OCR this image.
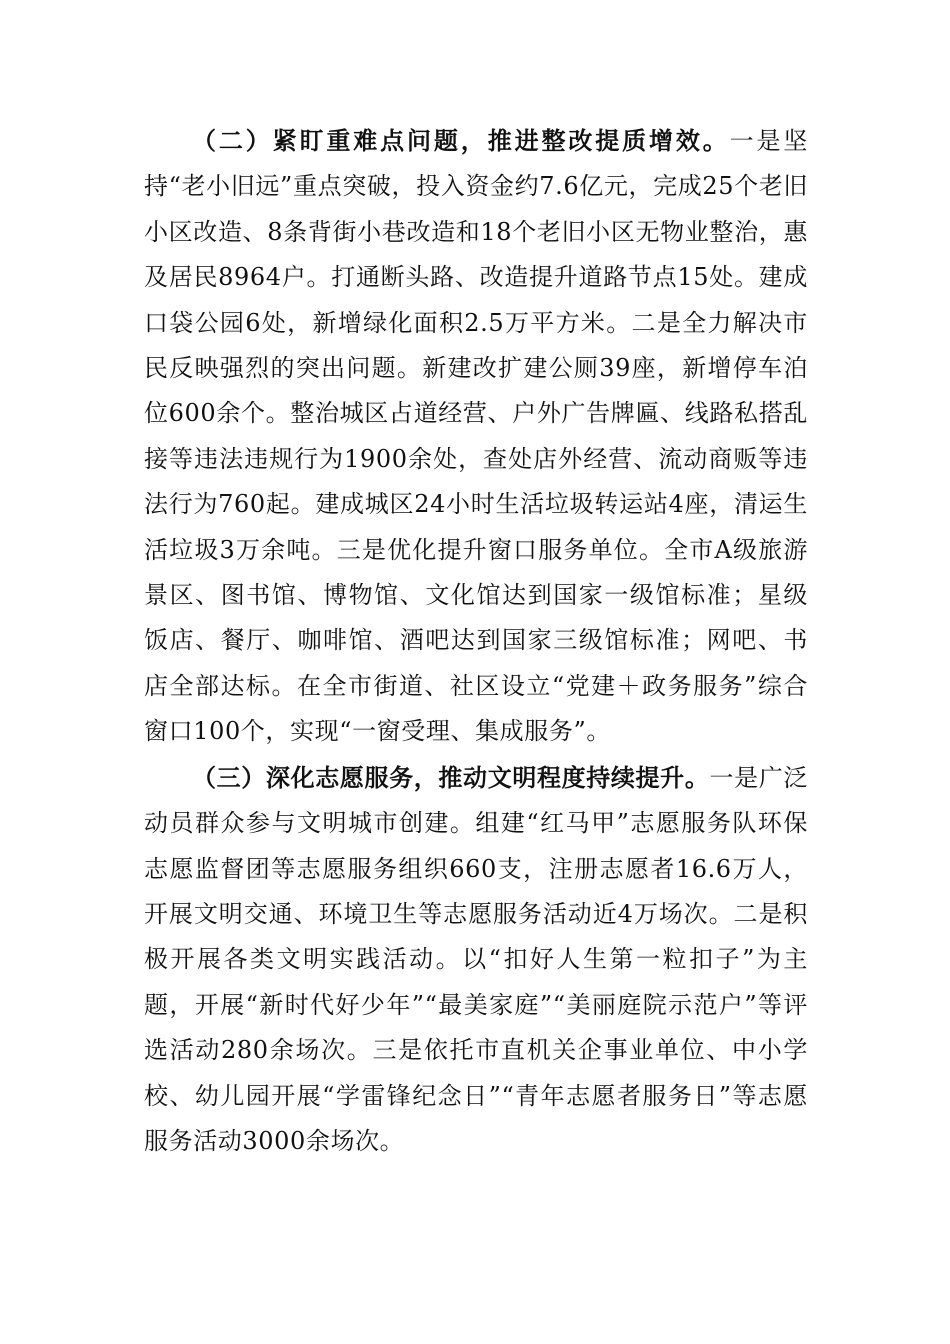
（二）紧盯重难点问题，推进整改提质增效。一是坚持“老小旧远”重点突破，投入资金约7.6亿元，完成25个老旧小区改造、8条背街小巷改造和18个老旧小区无物业整治，惠及居民8964户。打通断头路、改造提升道路节点15处。建成口袋公园6处，新增绿化面积2.5万平方米。二是全力解决市民反映强烈的突出问题。新建改扩建公厕39座，新增停车泊位600余个。整治城区占道经营、户外广告牌匾、线路私搭乱接等违法违规行为1900余处，查处店外经营、流动商贩等违法行为760起。建成城区24小时生活垃圾转运站4座，清运生活垃圾3万余吨。三是优化提升窗口服务单位。全市A级旅游景区、图书馆、博物馆、文化馆达到国家一级馆标准；星级饭店、餐厅、咖啡馆、酒吧达到国家三级馆标准；网吧、书店全部达标。在全市街道、社区设立“党建＋政务服务”综合窗口100个，实现“一窗受理、集成服务”。

（三）深化志愿服务，推动文明程度持续提升。一是广泛动员群众参与文明城市创建。组建“红马甲”志愿服务队环保志愿监督团等志愿服务组织660支，注册志愿者16.6万人，开展文明交通、环境卫生等志愿服务活动近4万场次。二是积极开展各类文明实践活动。以“扣好人生第一粒扣子”为主题，开展“新时代好少年”“最美家庭”“美丽庭院示范户”等评选活动280余场次。三是依托市直机关企事业单位、中小学校、幼儿园开展“学雷锋纪念日”“青年志愿者服务日”等志愿服务活动3000余场次。
